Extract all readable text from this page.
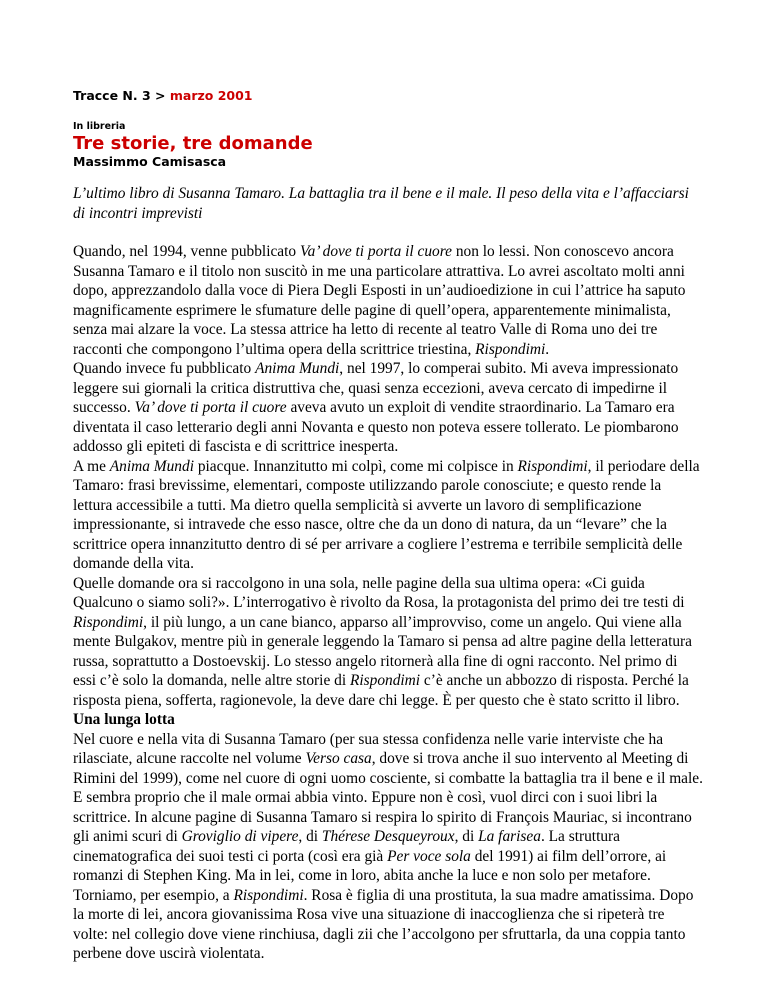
Tracce N. 3 > marzo 2001
In libreria
Tre storie, tre domande
Massimmo Camisasca
L’ultimo libro di Susanna Tamaro. La battaglia tra il bene e il male. Il peso della vita e l’affacciarsi di incontri imprevisti

Quando, nel 1994, venne pubblicato Va’ dove ti porta il cuore non lo lessi. Non conoscevo ancora Susanna Tamaro e il titolo non suscitò in me una particolare attrattiva. Lo avrei ascoltato molti anni dopo, apprezzandolo dalla voce di Piera Degli Esposti in un’audioedizione in cui l’attrice ha saputo magnificamente esprimere le sfumature delle pagine di quell’opera, apparentemente minimalista, senza mai alzare la voce. La stessa attrice ha letto di recente al teatro Valle di Roma uno dei tre racconti che compongono l’ultima opera della scrittrice triestina, Rispondimi.

Quando invece fu pubblicato Anima Mundi, nel 1997, lo comperai subito. Mi aveva impressionato leggere sui giornali la critica distruttiva che, quasi senza eccezioni, aveva cercato di impedirne il successo. Va’ dove ti porta il cuore aveva avuto un exploit di vendite straordinario. La Tamaro era diventata il caso letterario degli anni Novanta e questo non poteva essere tollerato. Le piombarono addosso gli epiteti di fascista e di scrittrice inesperta.

A me Anima Mundi piacque. Innanzitutto mi colpì, come mi colpisce in Rispondimi, il periodare della Tamaro: frasi brevissime, elementari, composte utilizzando parole conosciute; e questo rende la lettura accessibile a tutti. Ma dietro quella semplicità si avverte un lavoro di semplificazione impressionante, si intravede che esso nasce, oltre che da un dono di natura, da un “levare” che la scrittrice opera innanzitutto dentro di sé per arrivare a cogliere l’estrema e terribile semplicità delle domande della vita.

Quelle domande ora si raccolgono in una sola, nelle pagine della sua ultima opera: «Ci guida Qualcuno o siamo soli?». L’interrogativo è rivolto da Rosa, la protagonista del primo dei tre testi di Rispondimi, il più lungo, a un cane bianco, apparso all’improvviso, come un angelo. Qui viene alla mente Bulgakov, mentre più in generale leggendo la Tamaro si pensa ad altre pagine della letteratura russa, soprattutto a Dostoevskij. Lo stesso angelo ritornerà alla fine di ogni racconto. Nel primo di essi c’è solo la domanda, nelle altre storie di Rispondimi c’è anche un abbozzo di risposta. Perché la risposta piena, sofferta, ragionevole, la deve dare chi legge. È per questo che è stato scritto il libro.

Una lunga lotta

Nel cuore e nella vita di Susanna Tamaro (per sua stessa confidenza nelle varie interviste che ha rilasciate, alcune raccolte nel volume Verso casa, dove si trova anche il suo intervento al Meeting di Rimini del 1999), come nel cuore di ogni uomo cosciente, si combatte la battaglia tra il bene e il male. E sembra proprio che il male ormai abbia vinto. Eppure non è così, vuol dirci con i suoi libri la scrittrice. In alcune pagine di Susanna Tamaro si respira lo spirito di François Mauriac, si incontrano gli animi scuri di Groviglio di vipere, di Thérese Desqueyroux, di La farisea. La struttura cinematografica dei suoi testi ci porta (così era già Per voce sola del 1991) ai film dell’orrore, ai romanzi di Stephen King. Ma in lei, come in loro, abita anche la luce e non solo per metafore.

Torniamo, per esempio, a Rispondimi. Rosa è figlia di una prostituta, la sua madre amatissima. Dopo la morte di lei, ancora giovanissima Rosa vive una situazione di inaccoglienza che si ripeterà tre volte: nel collegio dove viene rinchiusa, dagli zii che l’accolgono per sfruttarla, da una coppia tanto perbene dove uscirà violentata.
